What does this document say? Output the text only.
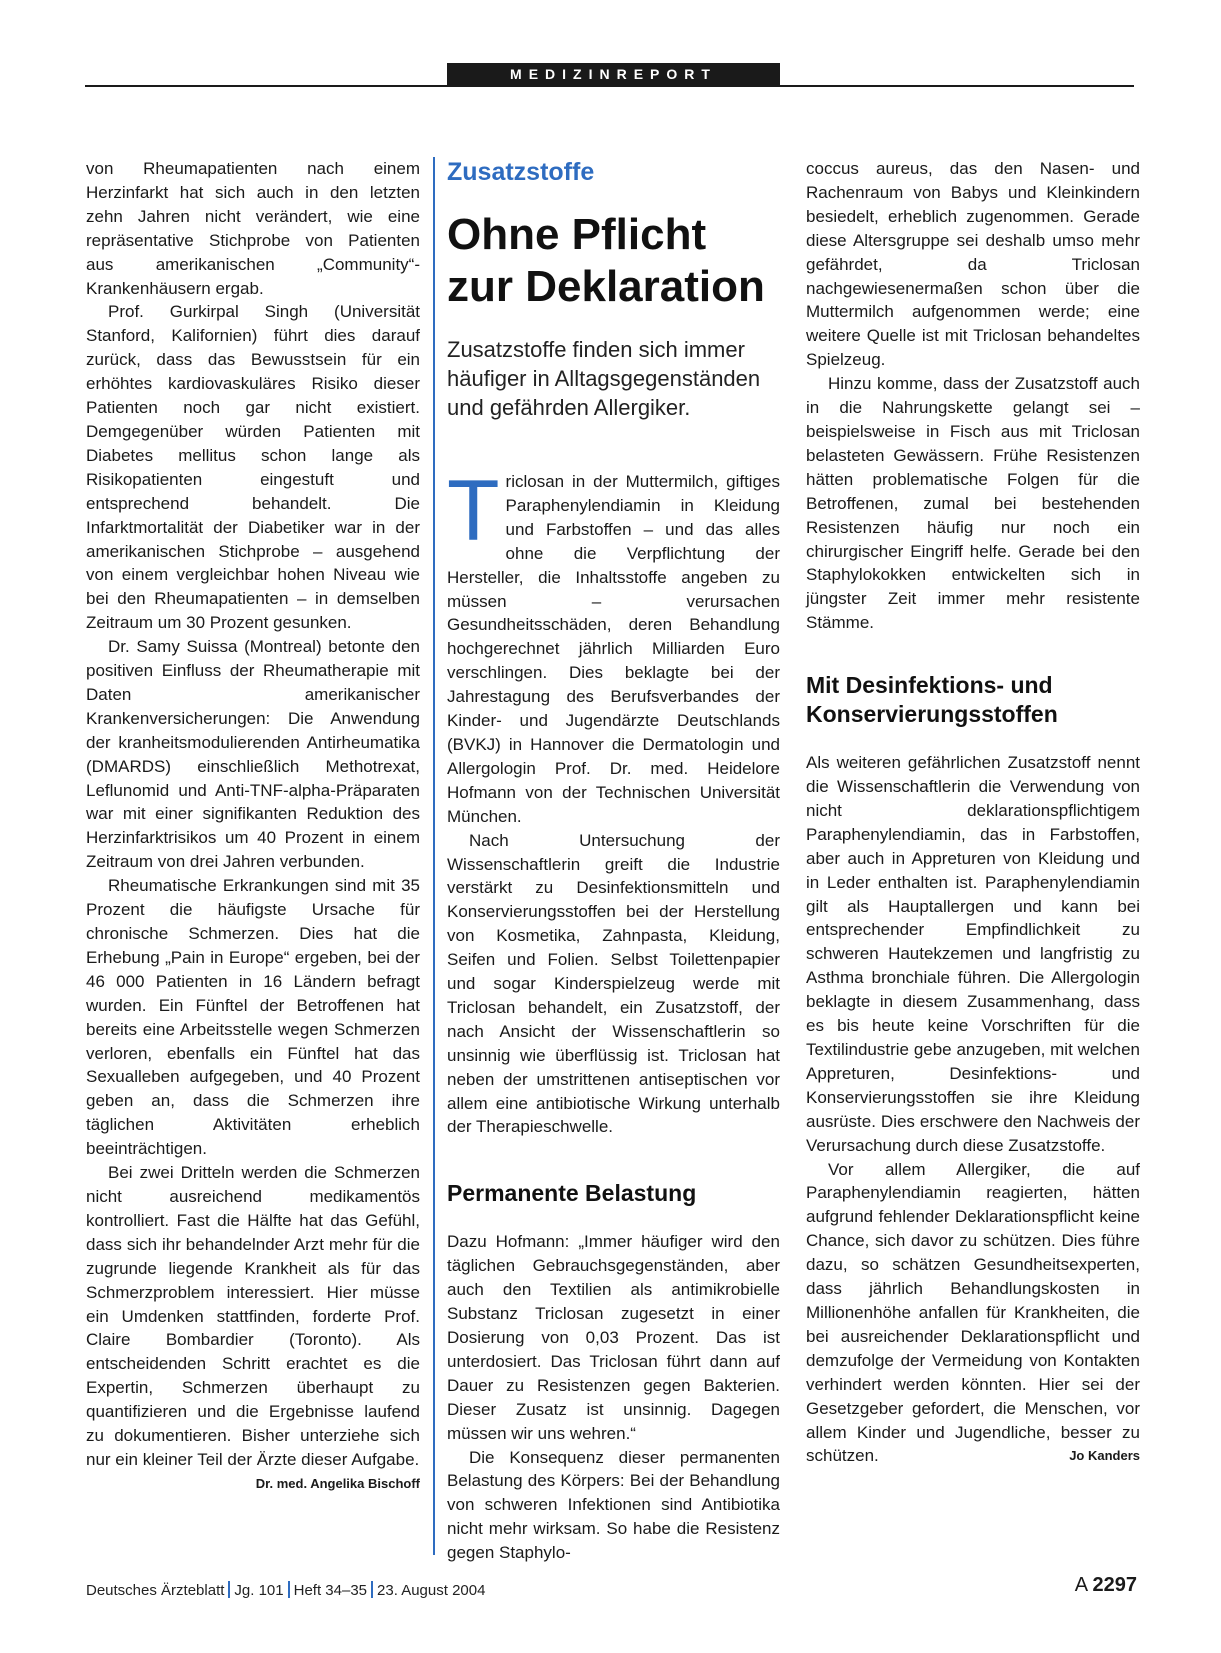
MEDIZINREPORT

von Rheumapatienten nach einem Herzinfarkt hat sich auch in den letzten zehn Jahren nicht verändert, wie eine repräsentative Stichprobe von Patienten aus amerikanischen „Community“-Krankenhäusern ergab.

Prof. Gurkirpal Singh (Universität Stanford, Kalifornien) führt dies darauf zurück, dass das Bewusstsein für ein erhöhtes kardiovaskuläres Risiko dieser Patienten noch gar nicht existiert. Demgegenüber würden Patienten mit Diabetes mellitus schon lange als Risikopatienten eingestuft und entsprechend behandelt. Die Infarktmortalität der Diabetiker war in der amerikanischen Stichprobe – ausgehend von einem vergleichbar hohen Niveau wie bei den Rheumapatienten – in demselben Zeitraum um 30 Prozent gesunken.

Dr. Samy Suissa (Montreal) betonte den positiven Einfluss der Rheumatherapie mit Daten amerikanischer Krankenversicherungen: Die Anwendung der kranheitsmodulierenden Antirheumatika (DMARDS) einschließlich Methotrexat, Leflunomid und Anti-TNF-alpha-Präparaten war mit einer signifikanten Reduktion des Herzinfarktrisikos um 40 Prozent in einem Zeitraum von drei Jahren verbunden.

Rheumatische Erkrankungen sind mit 35 Prozent die häufigste Ursache für chronische Schmerzen. Dies hat die Erhebung „Pain in Europe“ ergeben, bei der 46 000 Patienten in 16 Ländern befragt wurden. Ein Fünftel der Betroffenen hat bereits eine Arbeitsstelle wegen Schmerzen verloren, ebenfalls ein Fünftel hat das Sexualleben aufgegeben, und 40 Prozent geben an, dass die Schmerzen ihre täglichen Aktivitäten erheblich beeinträchtigen.

Bei zwei Dritteln werden die Schmerzen nicht ausreichend medikamentös kontrolliert. Fast die Hälfte hat das Gefühl, dass sich ihr behandelnder Arzt mehr für die zugrunde liegende Krankheit als für das Schmerzproblem interessiert. Hier müsse ein Umdenken stattfinden, forderte Prof. Claire Bombardier (Toronto). Als entscheidenden Schritt erachtet es die Expertin, Schmerzen überhaupt zu quantifizieren und die Ergebnisse laufend zu dokumentieren. Bisher unterziehe sich nur ein kleiner Teil der Ärzte dieser Aufgabe.
Dr. med. Angelika Bischoff

Zusatzstoffe
Ohne Pflicht zur Deklaration
Zusatzstoffe finden sich immer häufiger in Alltagsgegenständen und gefährden Allergiker.

Triclosan in der Muttermilch, giftiges Paraphenylendiamin in Kleidung und Farbstoffen – und das alles ohne die Verpflichtung der Hersteller, die Inhaltsstoffe angeben zu müssen – verursachen Gesundheitsschäden, deren Behandlung hochgerechnet jährlich Milliarden Euro verschlingen. Dies beklagte bei der Jahrestagung des Berufsverbandes der Kinder- und Jugendärzte Deutschlands (BVKJ) in Hannover die Dermatologin und Allergologin Prof. Dr. med. Heidelore Hofmann von der Technischen Universität München.

Nach Untersuchung der Wissenschaftlerin greift die Industrie verstärkt zu Desinfektionsmitteln und Konservierungsstoffen bei der Herstellung von Kosmetika, Zahnpasta, Kleidung, Seifen und Folien. Selbst Toilettenpapier und sogar Kinderspielzeug werde mit Triclosan behandelt, ein Zusatzstoff, der nach Ansicht der Wissenschaftlerin so unsinnig wie überflüssig ist. Triclosan hat neben der umstrittenen antiseptischen vor allem eine antibiotische Wirkung unterhalb der Therapieschwelle.

Permanente Belastung

Dazu Hofmann: „Immer häufiger wird den täglichen Gebrauchsgegenständen, aber auch den Textilien als antimikrobielle Substanz Triclosan zugesetzt in einer Dosierung von 0,03 Prozent. Das ist unterdosiert. Das Triclosan führt dann auf Dauer zu Resistenzen gegen Bakterien. Dieser Zusatz ist unsinnig. Dagegen müssen wir uns wehren.“

Die Konsequenz dieser permanenten Belastung des Körpers: Bei der Behandlung von schweren Infektionen sind Antibiotika nicht mehr wirksam. So habe die Resistenz gegen Staphylo-

coccus aureus, das den Nasen- und Rachenraum von Babys und Kleinkindern besiedelt, erheblich zugenommen. Gerade diese Altersgruppe sei deshalb umso mehr gefährdet, da Triclosan nachgewiesenermaßen schon über die Muttermilch aufgenommen werde; eine weitere Quelle ist mit Triclosan behandeltes Spielzeug.

Hinzu komme, dass der Zusatzstoff auch in die Nahrungskette gelangt sei – beispielsweise in Fisch aus mit Triclosan belasteten Gewässern. Frühe Resistenzen hätten problematische Folgen für die Betroffenen, zumal bei bestehenden Resistenzen häufig nur noch ein chirurgischer Eingriff helfe. Gerade bei den Staphylokokken entwickelten sich in jüngster Zeit immer mehr resistente Stämme.

Mit Desinfektions- und Konservierungsstoffen

Als weiteren gefährlichen Zusatzstoff nennt die Wissenschaftlerin die Verwendung von nicht deklarationspflichtigem Paraphenylendiamin, das in Farbstoffen, aber auch in Appreturen von Kleidung und in Leder enthalten ist. Paraphenylendiamin gilt als Hauptallergen und kann bei entsprechender Empfindlichkeit zu schweren Hautekzemen und langfristig zu Asthma bronchiale führen. Die Allergologin beklagte in diesem Zusammenhang, dass es bis heute keine Vorschriften für die Textilindustrie gebe anzugeben, mit welchen Appreturen, Desinfektions- und Konservierungsstoffen sie ihre Kleidung ausrüste. Dies erschwere den Nachweis der Verursachung durch diese Zusatzstoffe.

Vor allem Allergiker, die auf Paraphenylendiamin reagierten, hätten aufgrund fehlender Deklarationspflicht keine Chance, sich davor zu schützen. Dies führe dazu, so schätzen Gesundheitsexperten, dass jährlich Behandlungskosten in Millionenhöhe anfallen für Krankheiten, die bei ausreichender Deklarationspflicht und demzufolge der Vermeidung von Kontakten verhindert werden könnten. Hier sei der Gesetzgeber gefordert, die Menschen, vor allem Kinder und Jugendliche, besser zu schützen.	Jo Kanders

Deutsches Ärzteblatt Jg. 101 Heft 34–35 23. August 2004	A 2297
